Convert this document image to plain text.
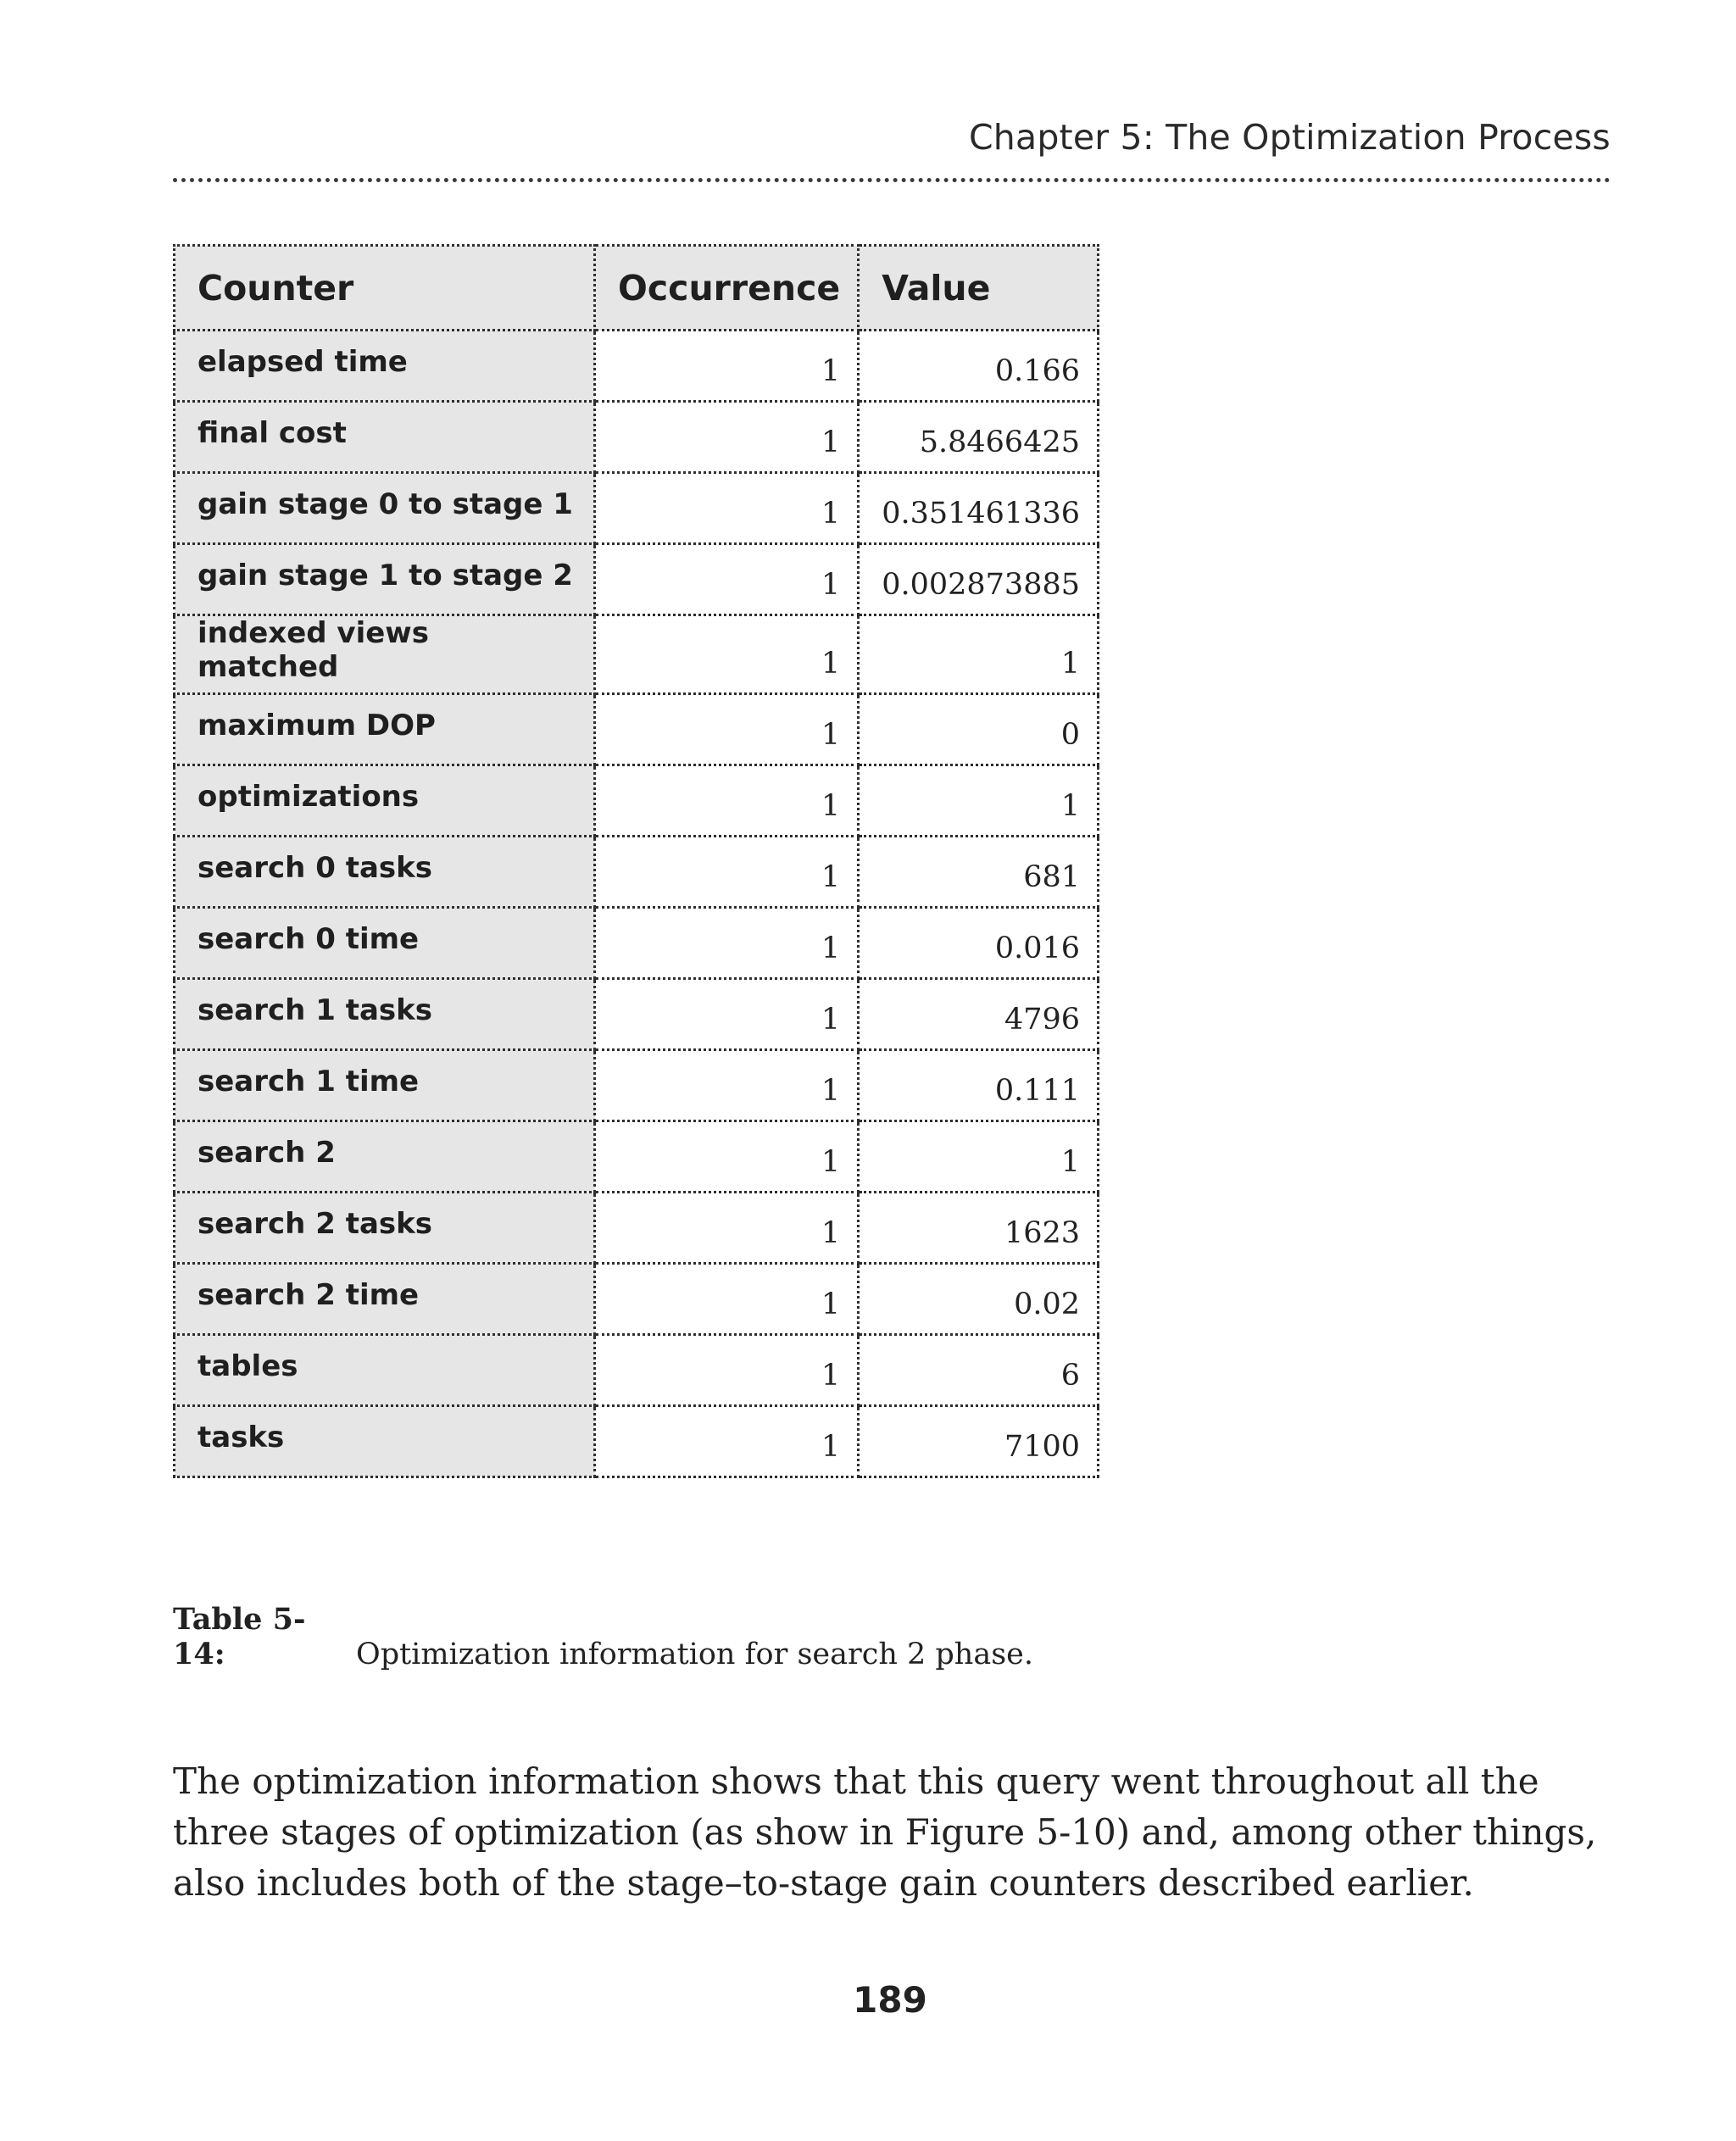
Chapter 5: The Optimization Process
Counter	Occurrence	Value
elapsed time	1	0.166
final cost	1	5.8466425
gain stage 0 to stage 1	1	0.351461336
gain stage 1 to stage 2	1	0.002873885
indexed views matched	1	1
maximum DOP	1	0
optimizations	1	1
search 0 tasks	1	681
search 0 time	1	0.016
search 1 tasks	1	4796
search 1 time	1	0.111
search 2	1	1
search 2 tasks	1	1623
search 2 time	1	0.02
tables	1	6
tasks	1	7100
Table 5-14:	Optimization information for search 2 phase.

The optimization information shows that this query went throughout all the three stages of optimization (as show in Figure 5-10) and, among other things, also includes both of the stage–to-stage gain counters described earlier.

189
